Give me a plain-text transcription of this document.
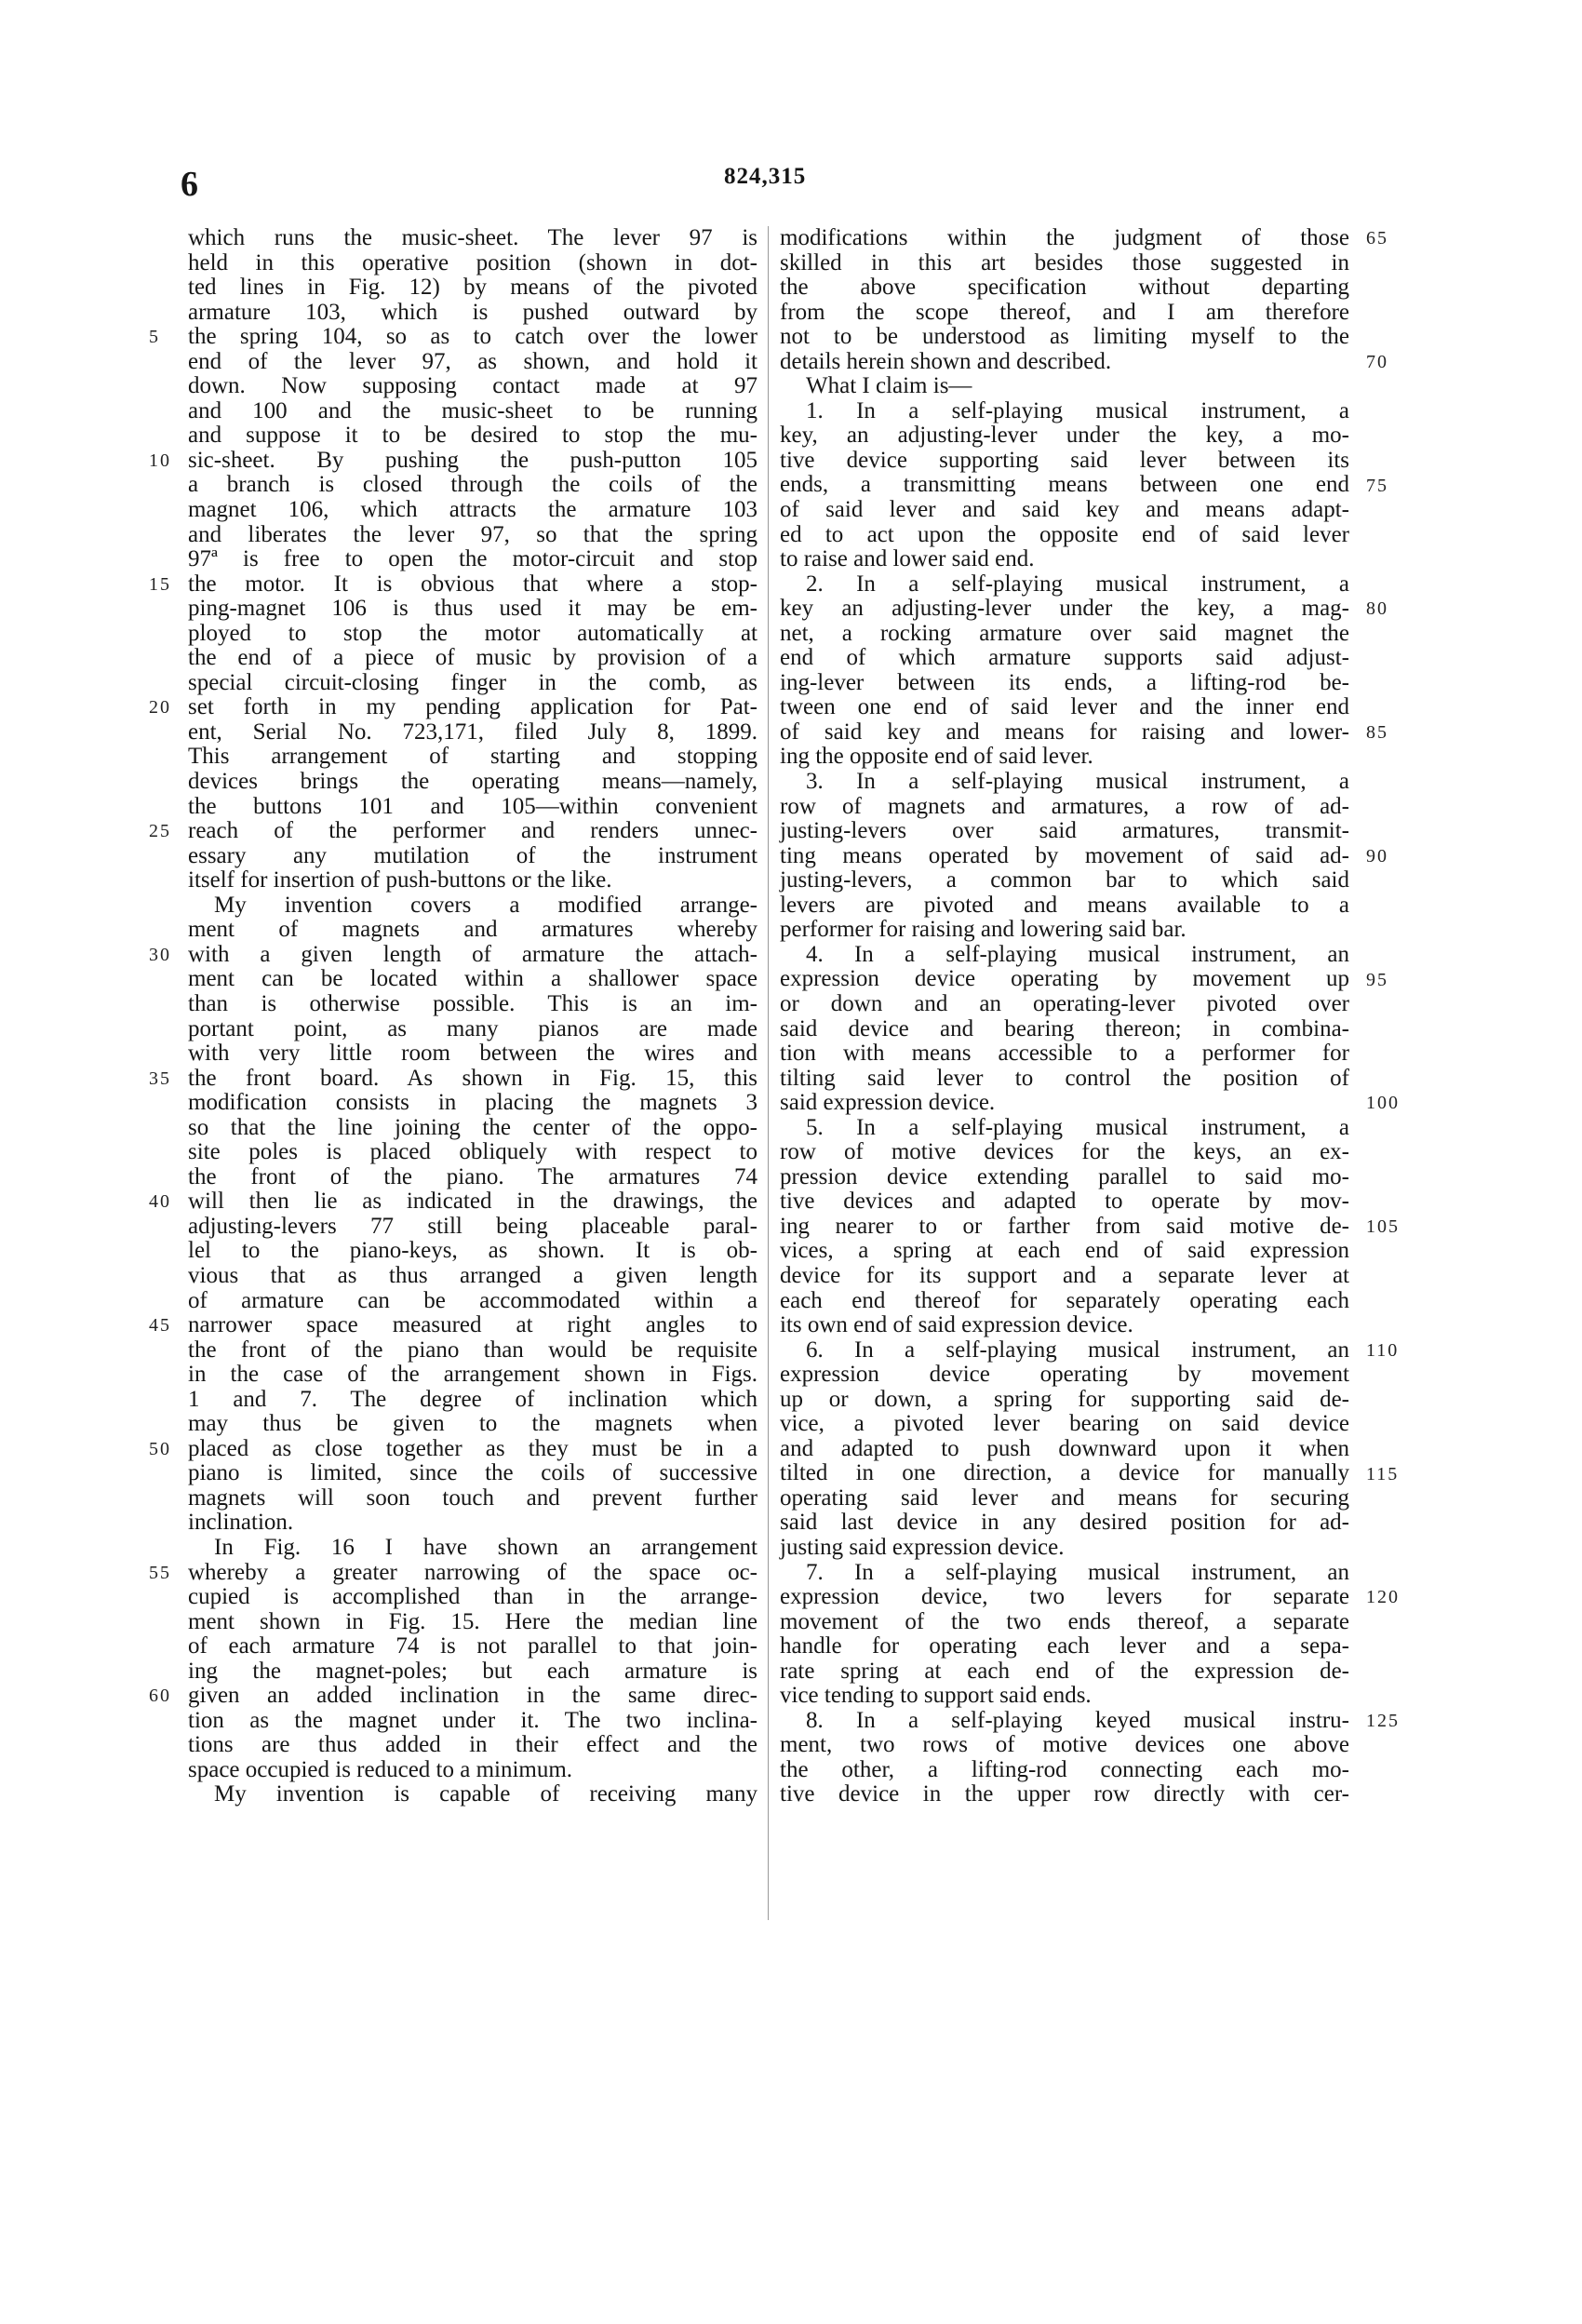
6	824,315
which runs the music-sheet. The lever 97 is
held in this operative position (shown in dot-
ted lines in Fig. 12) by means of the pivoted
armature 103, which is pushed outward by
the spring 104, so as to catch over the lower
end of the lever 97, as shown, and hold it
down. Now supposing contact made at 97
and 100 and the music-sheet to be running
and suppose it to be desired to stop the mu-
sic-sheet. By pushing the push-putton 105
a branch is closed through the coils of the
magnet 106, which attracts the armature 103
and liberates the lever 97, so that the spring
97ª is free to open the motor-circuit and stop
the motor. It is obvious that where a stop-
ping-magnet 106 is thus used it may be em-
ployed to stop the motor automatically at
the end of a piece of music by provision of a
special circuit-closing finger in the comb, as
set forth in my pending application for Pat-
ent, Serial No. 723,171, filed July 8, 1899.
This arrangement of starting and stopping
devices brings the operating means—namely,
the buttons 101 and 105—within convenient
reach of the performer and renders unnec-
essary any mutilation of the instrument
itself for insertion of push-buttons or the like.
My invention covers a modified arrange-
ment of magnets and armatures whereby
with a given length of armature the attach-
ment can be located within a shallower space
than is otherwise possible. This is an im-
portant point, as many pianos are made
with very little room between the wires and
the front board. As shown in Fig. 15, this
modification consists in placing the magnets 3
so that the line joining the center of the oppo-
site poles is placed obliquely with respect to
the front of the piano. The armatures 74
will then lie as indicated in the drawings, the
adjusting-levers 77 still being placeable paral-
lel to the piano-keys, as shown. It is ob-
vious that as thus arranged a given length
of armature can be accommodated within a
narrower space measured at right angles to
the front of the piano than would be requisite
in the case of the arrangement shown in Figs.
1 and 7. The degree of inclination which
may thus be given to the magnets when
placed as close together as they must be in a
piano is limited, since the coils of successive
magnets will soon touch and prevent further
inclination.
In Fig. 16 I have shown an arrangement
whereby a greater narrowing of the space oc-
cupied is accomplished than in the arrange-
ment shown in Fig. 15. Here the median line
of each armature 74 is not parallel to that join-
ing the magnet-poles; but each armature is
given an added inclination in the same direc-
tion as the magnet under it. The two inclina-
tions are thus added in their effect and the
space occupied is reduced to a minimum.
My invention is capable of receiving many
modifications within the judgment of those
skilled in this art besides those suggested in
the above specification without departing
from the scope thereof, and I am therefore
not to be understood as limiting myself to the
details herein shown and described.
What I claim is—
1. In a self-playing musical instrument, a
key, an adjusting-lever under the key, a mo-
tive device supporting said lever between its
ends, a transmitting means between one end
of said lever and said key and means adapt-
ed to act upon the opposite end of said lever
to raise and lower said end.
2. In a self-playing musical instrument, a
key an adjusting-lever under the key, a mag-
net, a rocking armature over said magnet the
end of which armature supports said adjust-
ing-lever between its ends, a lifting-rod be-
tween one end of said lever and the inner end
of said key and means for raising and lower-
ing the opposite end of said lever.
3. In a self-playing musical instrument, a
row of magnets and armatures, a row of ad-
justing-levers over said armatures, transmit-
ting means operated by movement of said ad-
justing-levers, a common bar to which said
levers are pivoted and means available to a
performer for raising and lowering said bar.
4. In a self-playing musical instrument, an
expression device operating by movement up
or down and an operating-lever pivoted over
said device and bearing thereon; in combina-
tion with means accessible to a performer for
tilting said lever to control the position of
said expression device.
5. In a self-playing musical instrument, a
row of motive devices for the keys, an ex-
pression device extending parallel to said mo-
tive devices and adapted to operate by mov-
ing nearer to or farther from said motive de-
vices, a spring at each end of said expression
device for its support and a separate lever at
each end thereof for separately operating each
its own end of said expression device.
6. In a self-playing musical instrument, an
expression device operating by movement
up or down, a spring for supporting said de-
vice, a pivoted lever bearing on said device
and adapted to push downward upon it when
tilted in one direction, a device for manually
operating said lever and means for securing
said last device in any desired position for ad-
justing said expression device.
7. In a self-playing musical instrument, an
expression device, two levers for separate
movement of the two ends thereof, a separate
handle for operating each lever and a sepa-
rate spring at each end of the expression de-
vice tending to support said ends.
8. In a self-playing keyed musical instru-
ment, two rows of motive devices one above
the other, a lifting-rod connecting each mo-
tive device in the upper row directly with cer-
5
10
15
20
25
30
35
40
45
50
55
60
65
70
75
80
85
90
95
100
105
110
115
120
125
